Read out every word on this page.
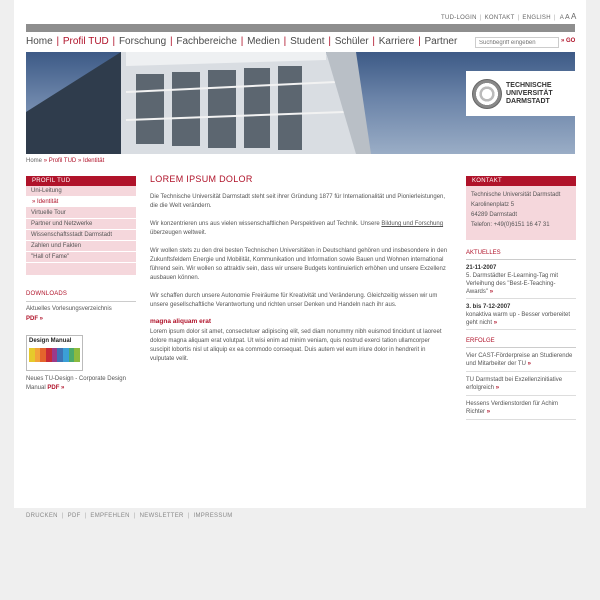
TUD-LOGIN | KONTAKT | ENGLISH | AAA
Home | Profil TUD | Forschung | Fachbereiche | Medien | Student | Schüler | Karriere | Partner
Suchbegriff eingeben	» GO
TECHNISCHE
UNIVERSITÄT
DARMSTADT
Home » Profil TUD » Identität
PROFIL TUD
Uni-Leitung
» Identität
Virtuelle Tour
Partner und Netzwerke
Wissenschaftsstadt Darmstadt
Zahlen und Fakten
"Hall of Fame"
DOWNLOADS
Aktuelles Vorlesungsverzeichnis
PDF »
Design Manual
Neues TU-Design - Corporate Design Manual PDF »
LOREM IPSUM DOLOR
Die Technische Universität Darmstadt steht seit ihrer Gründung 1877 für Internationalität und Pionierleistungen, die die Welt verändern.
Wir konzentrieren uns aus vielen wissenschaftlichen Perspektiven auf Technik. Unsere Bildung und Forschung überzeugen weltweit.
Wir wollen stets zu den drei besten Technischen Universitäten in Deutschland gehören und insbesondere in den Zukunftsfeldern Energie und Mobilität, Kommunikation und Information sowie Bauen und Wohnen international führend sein. Wir wollen so attraktiv sein, dass wir unsere Budgets kontinuierlich erhöhen und unsere Exzellenz ausbauen können.
Wir schaffen durch unsere Autonomie Freiräume für Kreativität und Veränderung. Gleichzeitig wissen wir um unsere gesellschaftliche Verantwortung und richten unser Denken und Handeln nach ihr aus.
magna aliquam erat
Lorem ipsum dolor sit amet, consectetuer adipiscing elit, sed diam nonummy nibh euismod tincidunt ut laoreet dolore magna aliquam erat volutpat. Ut wisi enim ad minim veniam, quis nostrud exerci tation ullamcorper suscipit lobortis nisl ut aliquip ex ea commodo consequat. Duis autem vel eum iriure dolor in hendrerit in vulputate velit.
KONTAKT
Technische Universität Darmstadt
Karolinenplatz 5
64289 Darmstadt
Telefon: +49(0)6151 16 47 31
AKTUELLES
21-11-2007
5. Darmstädter E-Learning-Tag mit Verleihung des "Best-E-Teaching-Awards" »
3. bis 7-12-2007
konaktiva warm up - Besser vorbereitet geht nicht »
ERFOLGE
Vier CAST-Förderpreise an Studierende und Mitarbeiter der TU »
TU Darmstadt bei Exzellenzinitiative erfolgreich »
Hessens Verdienstorden für Achim Richter »
DRUCKEN | PDF | EMPFEHLEN | NEWSLETTER | IMPRESSUM
